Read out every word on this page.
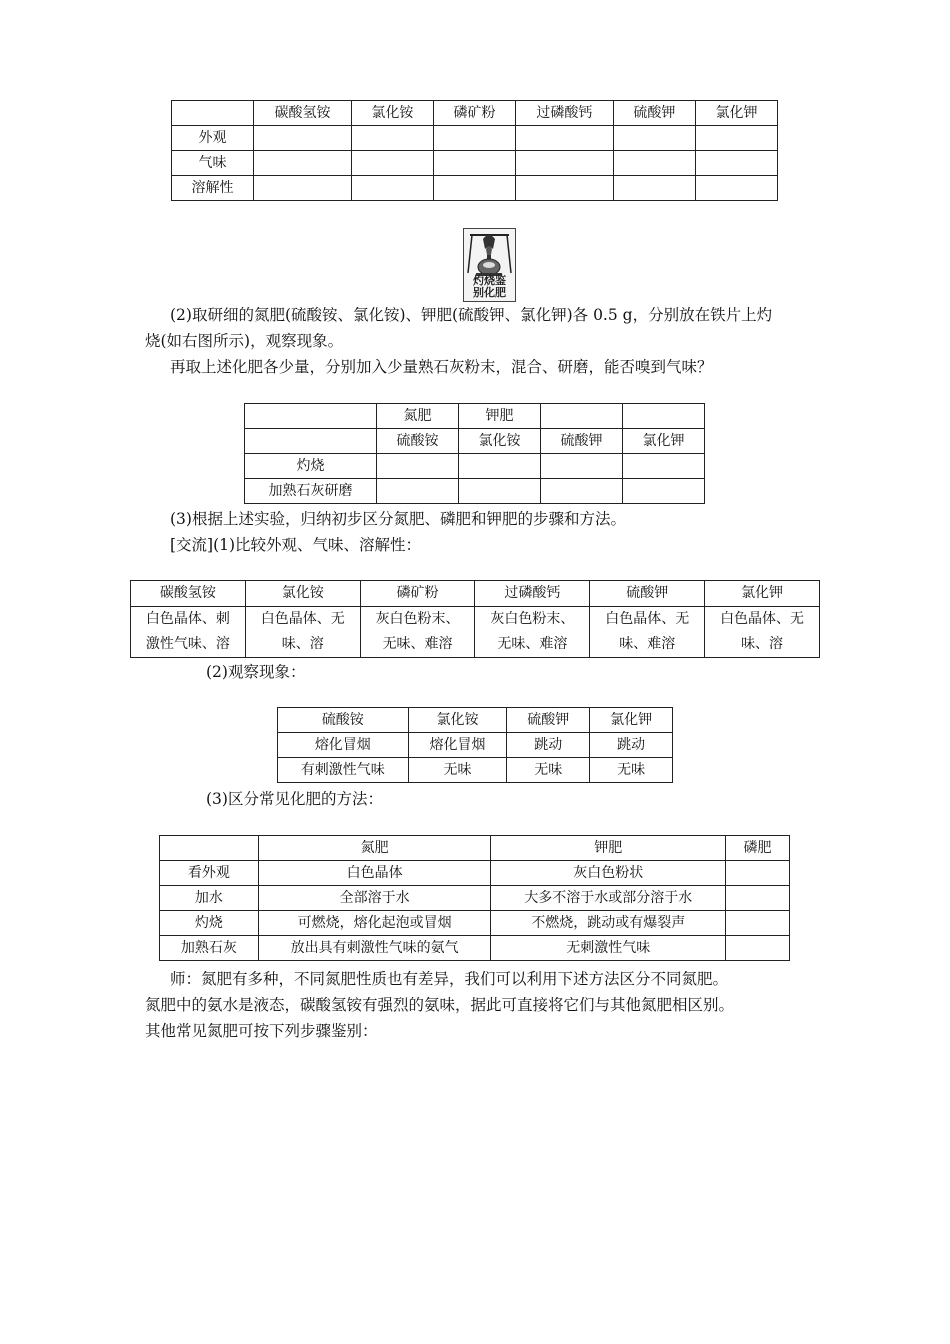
	碳酸氢铵	氯化铵	磷矿粉	过磷酸钙	硫酸钾	氯化钾
外观						
气味						
溶解性						
灼烧鉴
别化肥

(2)取研细的氮肥(硫酸铵、氯化铵)、钾肥(硫酸钾、氯化钾)各 0.5 g，分别放在铁片上灼

烧(如右图所示)，观察现象。

再取上述化肥各少量，分别加入少量熟石灰粉末，混合、研磨，能否嗅到气味？

	氮肥	钾肥		
	硫酸铵	氯化铵	硫酸钾	氯化钾
灼烧				
加熟石灰研磨				

(3)根据上述实验，归纳初步区分氮肥、磷肥和钾肥的步骤和方法。

[交流](1)比较外观、气味、溶解性：

碳酸氢铵	氯化铵	磷矿粉	过磷酸钙	硫酸钾	氯化钾
白色晶体、刺	白色晶体、无	灰白色粉末、	灰白色粉末、	白色晶体、无	白色晶体、无
激性气味、溶	味、溶	无味、难溶	无味、难溶	味、难溶	味、溶

(2)观察现象：

硫酸铵	氯化铵	硫酸钾	氯化钾
熔化冒烟	熔化冒烟	跳动	跳动
有刺激性气味	无味	无味	无味

(3)区分常见化肥的方法：

	氮肥	钾肥	磷肥
看外观	白色晶体	灰白色粉状	
加水	全部溶于水	大多不溶于水或部分溶于水	
灼烧	可燃烧，熔化起泡或冒烟	不燃烧，跳动或有爆裂声	
加熟石灰	放出具有刺激性气味的氨气	无刺激性气味	

师：氮肥有多种，不同氮肥性质也有差异，我们可以利用下述方法区分不同氮肥。

氮肥中的氨水是液态，碳酸氢铵有强烈的氨味，据此可直接将它们与其他氮肥相区别。

其他常见氮肥可按下列步骤鉴别：
